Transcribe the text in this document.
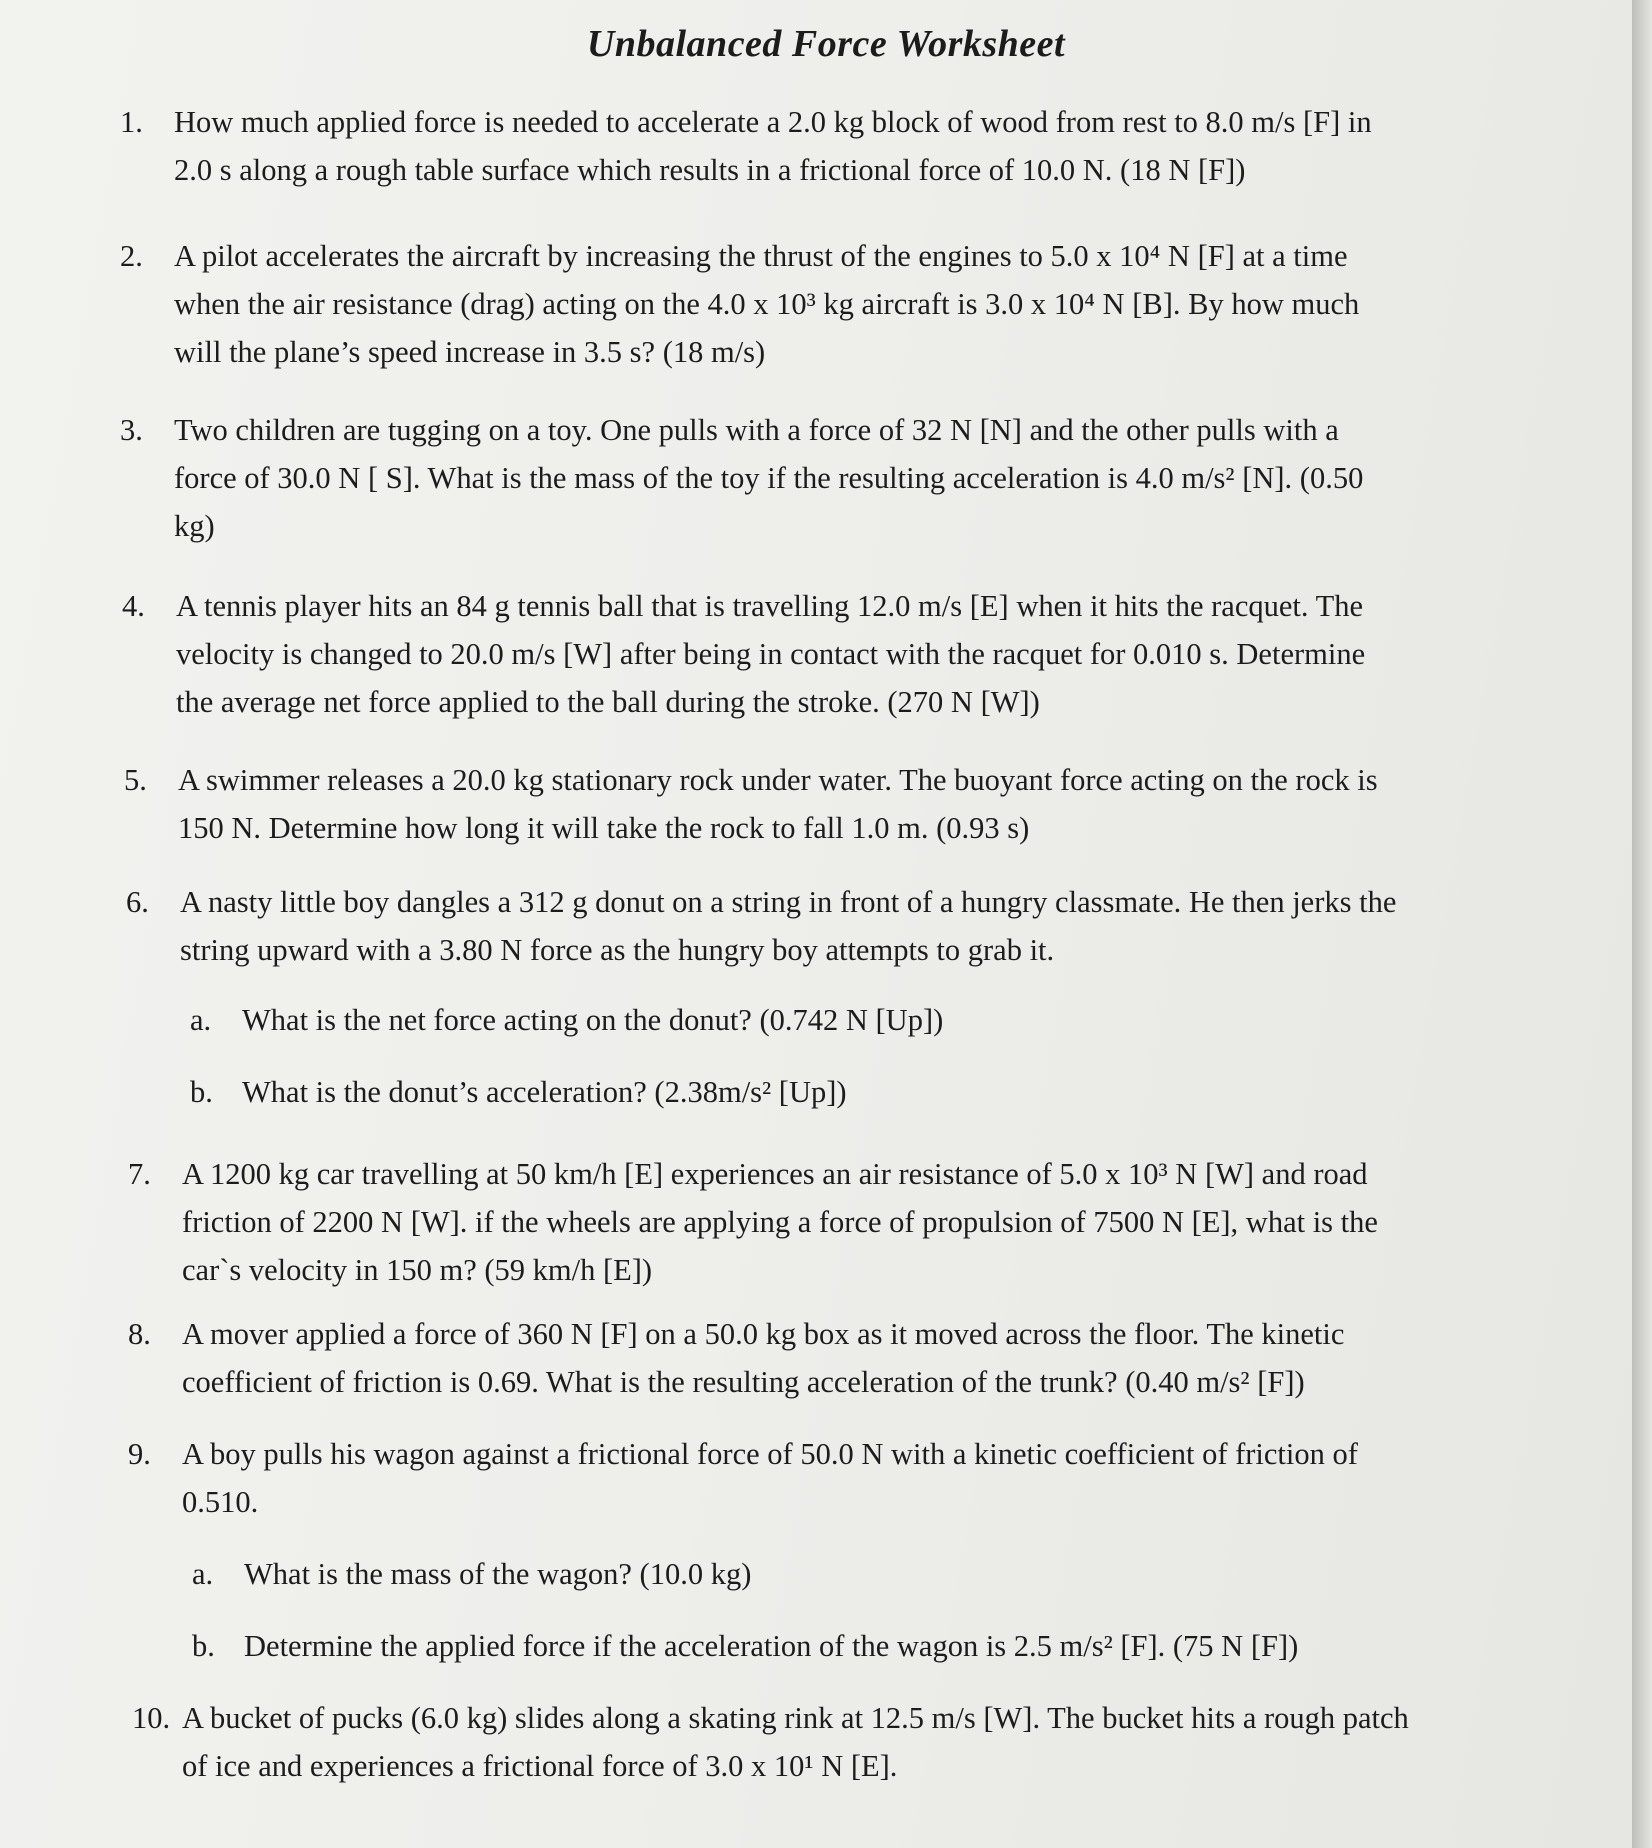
Unbalanced Force Worksheet
1. How much applied force is needed to accelerate a 2.0 kg block of wood from rest to 8.0 m/s [F] in
2.0 s along a rough table surface which results in a frictional force of 10.0 N. (18 N [F])
2. A pilot accelerates the aircraft by increasing the thrust of the engines to 5.0 x 10⁴ N [F] at a time
when the air resistance (drag) acting on the 4.0 x 10³ kg aircraft is 3.0 x 10⁴ N [B]. By how much
will the plane’s speed increase in 3.5 s? (18 m/s)
3. Two children are tugging on a toy. One pulls with a force of 32 N [N] and the other pulls with a
force of 30.0 N [ S]. What is the mass of the toy if the resulting acceleration is 4.0 m/s² [N]. (0.50
kg)
4. A tennis player hits an 84 g tennis ball that is travelling 12.0 m/s [E] when it hits the racquet. The
velocity is changed to 20.0 m/s [W] after being in contact with the racquet for 0.010 s. Determine
the average net force applied to the ball during the stroke. (270 N [W])
5. A swimmer releases a 20.0 kg stationary rock under water. The buoyant force acting on the rock is
150 N. Determine how long it will take the rock to fall 1.0 m. (0.93 s)
6. A nasty little boy dangles a 312 g donut on a string in front of a hungry classmate. He then jerks the
string upward with a 3.80 N force as the hungry boy attempts to grab it.
a. What is the net force acting on the donut? (0.742 N [Up])
b. What is the donut’s acceleration? (2.38m/s² [Up])
7. A 1200 kg car travelling at 50 km/h [E] experiences an air resistance of 5.0 x 10³ N [W] and road
friction of 2200 N [W]. if the wheels are applying a force of propulsion of 7500 N [E], what is the
car`s velocity in 150 m? (59 km/h [E])
8. A mover applied a force of 360 N [F] on a 50.0 kg box as it moved across the floor. The kinetic
coefficient of friction is 0.69. What is the resulting acceleration of the trunk? (0.40 m/s² [F])
9. A boy pulls his wagon against a frictional force of 50.0 N with a kinetic coefficient of friction of
0.510.
a. What is the mass of the wagon? (10.0 kg)
b. Determine the applied force if the acceleration of the wagon is 2.5 m/s² [F]. (75 N [F])
10. A bucket of pucks (6.0 kg) slides along a skating rink at 12.5 m/s [W]. The bucket hits a rough patch
of ice and experiences a frictional force of 3.0 x 10¹ N [E].
